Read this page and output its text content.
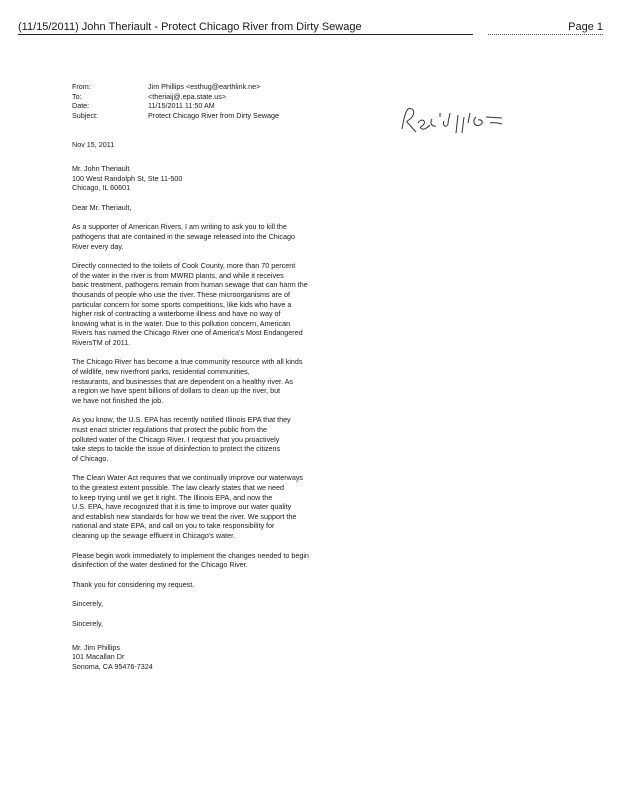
(11/15/2011) John Theriault - Protect Chicago River from Dirty Sewage	Page 1
From:	Jim Phillips <esthug@earthlink.ne>
To:	<theriaij@.epa.state.us>
Date:	11/15/2011 11:50 AM
Subject:	Protect Chicago River from Dirty Sewage

Nov 15, 2011

Mr. John Theriault
100 West Randolph St, Ste 11-500
Chicago, IL 60601

Dear Mr. Theriault,

As a supporter of American Rivers, I am writing to ask you to kill the
pathogens that are contained in the sewage released into the Chicago
River every day.
Directly connected to the toilets of Cook County, more than 70 percent
of the water in the river is from MWRD plants, and while it receives
basic treatment, pathogens remain from human sewage that can harm the
thousands of people who use the river. These microorganisms are of
particular concern for some sports competitions, like kids who have a
higher risk of contracting a waterborne illness and have no way of
knowing what is in the water. Due to this pollution concern, American
Rivers has named the Chicago River one of America's Most Endangered
RiversTM of 2011.
The Chicago River has become a true community resource with all kinds
of wildlife, new riverfront parks, residential communities,
restaurants, and businesses that are dependent on a healthy river. As
a region we have spent billions of dollars to clean up the river, but
we have not finished the job.
As you know, the U.S. EPA has recently notified Illinois EPA that they
must enact stricter regulations that protect the public from the
polluted water of the Chicago River. I request that you proactively
take steps to tackle the issue of disinfection to protect the citizens
of Chicago.
The Clean Water Act requires that we continually improve our waterways
to the greatest extent possible. The law clearly states that we need
to keep trying until we get it right. The Illinois EPA, and now the
U.S. EPA, have recognized that it is time to improve our water quality
and establish new standards for how we treat the river. We support the
national and state EPA, and call on you to take responsibility for
cleaning up the sewage effluent in Chicago's water.
Please begin work immediately to implement the changes needed to begin
disinfection of the water destined for the Chicago River.
Thank you for considering my request.

Sincerely,

Sincerely,

Mr. Jim Phillips
101 Macallan Dr
Sonoma, CA 95476-7324
